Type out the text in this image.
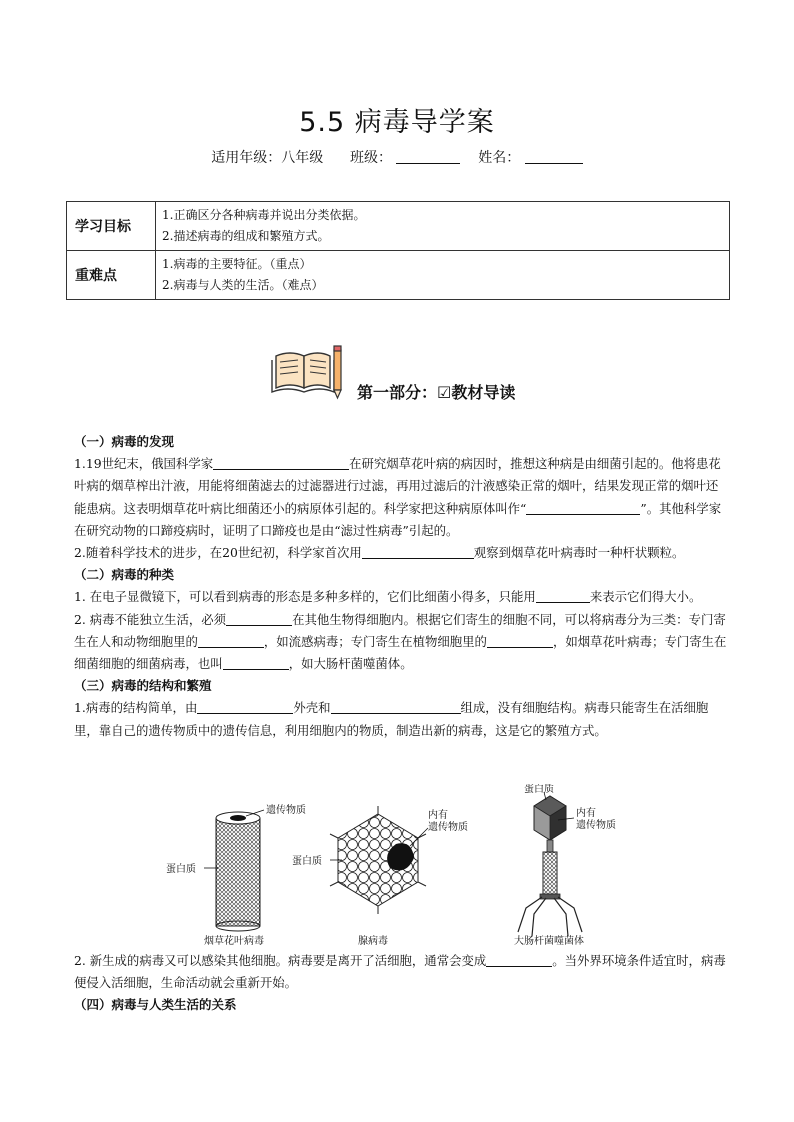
5.5 病毒导学案
适用年级：八年级 班级：	姓名：
学习目标	1.正确区分各种病毒并说出分类依据。
2.描述病毒的组成和繁殖方式。

重难点	1.病毒的主要特征。（重点）
2.病毒与人类的生活。（难点）
第一部分：☑教材导读
（一）病毒的发现

1.19世纪末，俄国科学家	在研究烟草花叶病的病因时，推想这种病是由细菌引起的。他将患花叶病的烟草榨出汁液，用能将细菌滤去的过滤器进行过滤，再用过滤后的汁液感染正常的烟叶，结果发现正常的烟叶还能患病。这表明烟草花叶病比细菌还小的病原体引起的。科学家把这种病原体叫作“	”。其他科学家在研究动物的口蹄疫病时，证明了口蹄疫也是由“滤过性病毒”引起的。

2.随着科学技术的进步，在20世纪初，科学家首次用	观察到烟草花叶病毒时一种杆状颗粒。

（二）病毒的种类

1. 在电子显微镜下，可以看到病毒的形态是多种多样的，它们比细菌小得多，只能用	来表示它们得大小。

2. 病毒不能独立生活，必须	在其他生物得细胞内。根据它们寄生的细胞不同，可以将病毒分为三类：专门寄生在人和动物细胞里的	，如流感病毒；专门寄生在植物细胞里的	，如烟草花叶病毒；专门寄生在细菌细胞的细菌病毒，也叫	，如大肠杆菌噬菌体。

（三）病毒的结构和繁殖

1.病毒的结构简单，由	外壳和	组成，没有细胞结构。病毒只能寄生在活细胞里，靠自己的遗传物质中的遗传信息，利用细胞内的物质，制造出新的病毒，这是它的繁殖方式。

遗传物质
蛋白质
烟草花叶病毒
内有
遗传物质
蛋白质
腺病毒
蛋白质
内有
遗传物质
大肠杆菌噬菌体

2. 新生成的病毒又可以感染其他细胞。病毒要是离开了活细胞，通常会变成	。当外界环境条件适宜时，病毒便侵入活细胞，生命活动就会重新开始。

（四）病毒与人类生活的关系
